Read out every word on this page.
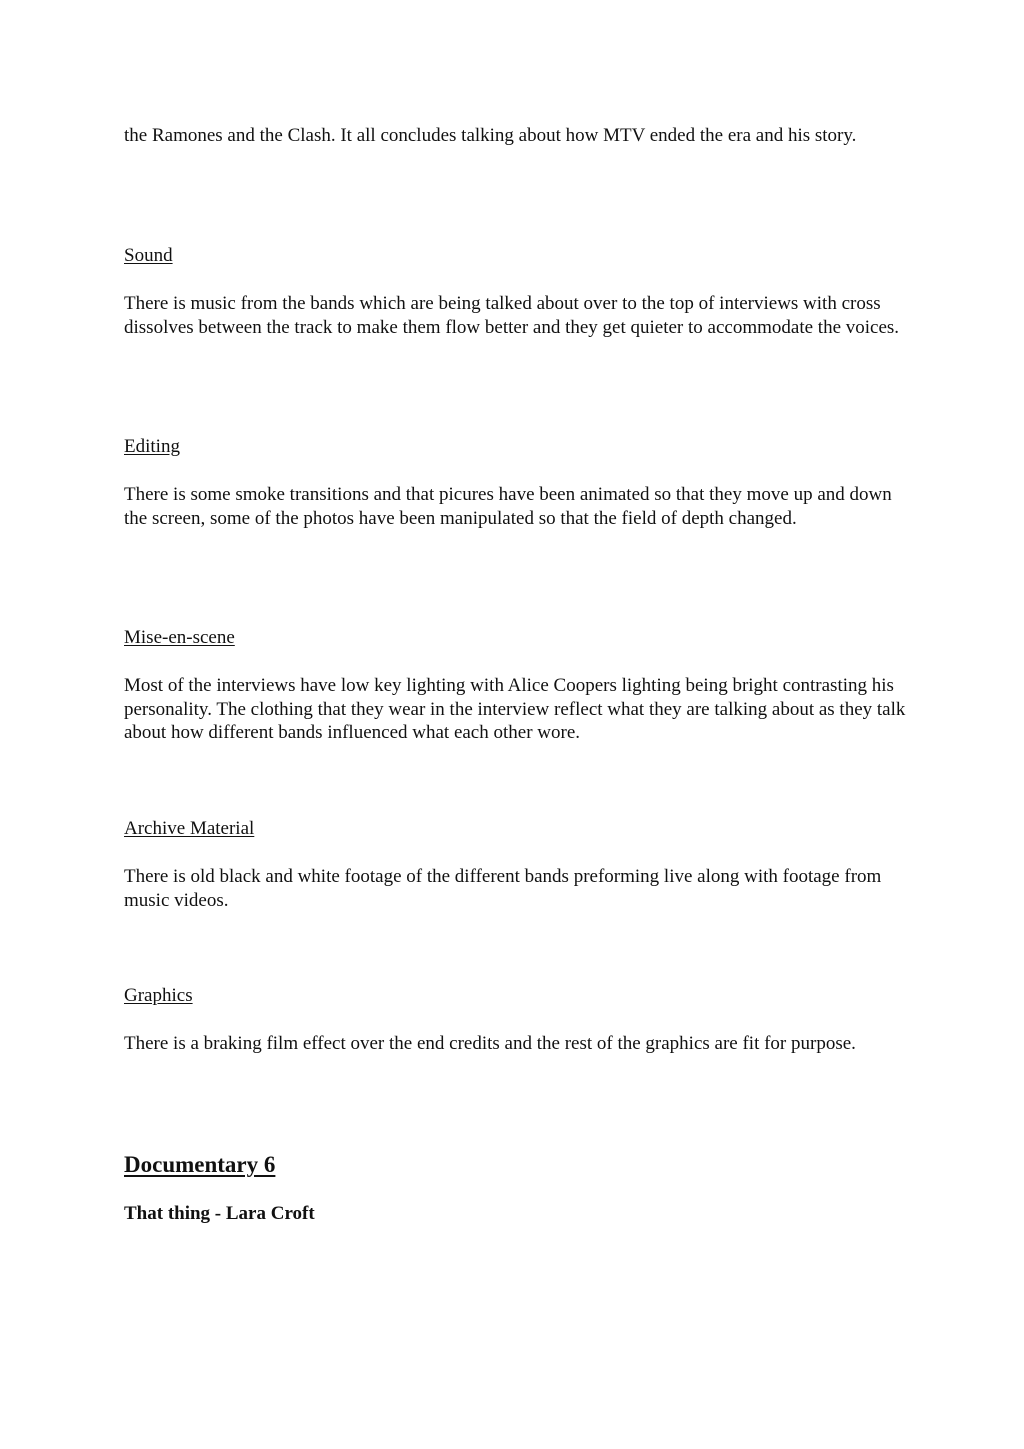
the Ramones and the Clash. It all concludes talking about how MTV ended the era and his story.

Sound

There is music from the bands which are being talked about over to the top of interviews with cross dissolves between the track to make them flow better and they get quieter to accommodate the voices.

Editing

There is some smoke transitions and that picures have been animated so that they move up and down the screen, some of the photos have been manipulated so that the field of depth changed.

Mise-en-scene

Most of the interviews have low key lighting with Alice Coopers lighting being bright contrasting his personality. The clothing that they wear in the interview reflect what they are talking about as they talk about how different bands influenced what each other wore.

Archive Material

There is old black and white footage of the different bands preforming live along with footage from music videos.

Graphics

There is a braking film effect over the end credits and the rest of the graphics are fit for purpose.

Documentary 6

That thing - Lara Croft
